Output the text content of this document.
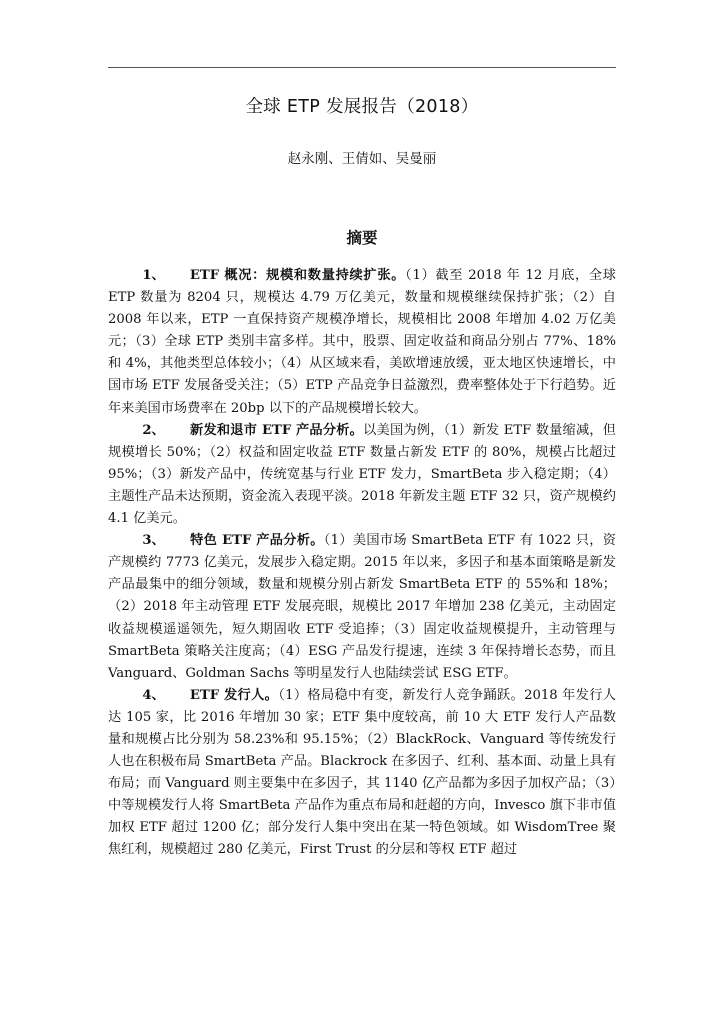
全球 ETP 发展报告（2018）

赵永刚、王倩如、吴曼丽

摘要

1、 ETF 概况：规模和数量持续扩张。（1）截至 2018 年 12 月底，全球 ETP 数量为 8204 只，规模达 4.79 万亿美元，数量和规模继续保持扩张；（2）自 2008 年以来，ETP 一直保持资产规模净增长，规模相比 2008 年增加 4.02 万亿美元；（3）全球 ETP 类别丰富多样。其中，股票、固定收益和商品分别占 77%、18% 和 4%，其他类型总体较小；（4）从区域来看，美欧增速放缓，亚太地区快速增长，中国市场 ETF 发展备受关注；（5）ETP 产品竞争日益激烈，费率整体处于下行趋势。近年来美国市场费率在 20bp 以下的产品规模增长较大。

2、 新发和退市 ETF 产品分析。以美国为例，（1）新发 ETF 数量缩减，但规模增长 50%；（2）权益和固定收益 ETF 数量占新发 ETF 的 80%，规模占比超过 95%；（3）新发产品中，传统宽基与行业 ETF 发力，SmartBeta 步入稳定期；（4）主题性产品未达预期，资金流入表现平淡。2018 年新发主题 ETF 32 只，资产规模约 4.1 亿美元。

3、 特色 ETF 产品分析。（1）美国市场 SmartBeta ETF 有 1022 只，资产规模约 7773 亿美元，发展步入稳定期。2015 年以来，多因子和基本面策略是新发产品最集中的细分领域，数量和规模分别占新发 SmartBeta ETF 的 55%和 18%；（2）2018 年主动管理 ETF 发展亮眼，规模比 2017 年增加 238 亿美元，主动固定收益规模遥遥领先，短久期固收 ETF 受追捧；（3）固定收益规模提升，主动管理与 SmartBeta 策略关注度高；（4）ESG 产品发行提速，连续 3 年保持增长态势，而且 Vanguard、Goldman Sachs 等明星发行人也陆续尝试 ESG ETF。

4、 ETF 发行人。（1）格局稳中有变，新发行人竞争踊跃。2018 年发行人达 105 家，比 2016 年增加 30 家；ETF 集中度较高，前 10 大 ETF 发行人产品数量和规模占比分别为 58.23%和 95.15%；（2）BlackRock、Vanguard 等传统发行人也在积极布局 SmartBeta 产品。Blackrock 在多因子、红利、基本面、动量上具有布局；而 Vanguard 则主要集中在多因子，其 1140 亿产品都为多因子加权产品；（3）中等规模发行人将 SmartBeta 产品作为重点布局和赶超的方向，Invesco 旗下非市值加权 ETF 超过 1200 亿；部分发行人集中突出在某一特色领域。如 WisdomTree 聚焦红利，规模超过 280 亿美元，First Trust 的分层和等权 ETF 超过
